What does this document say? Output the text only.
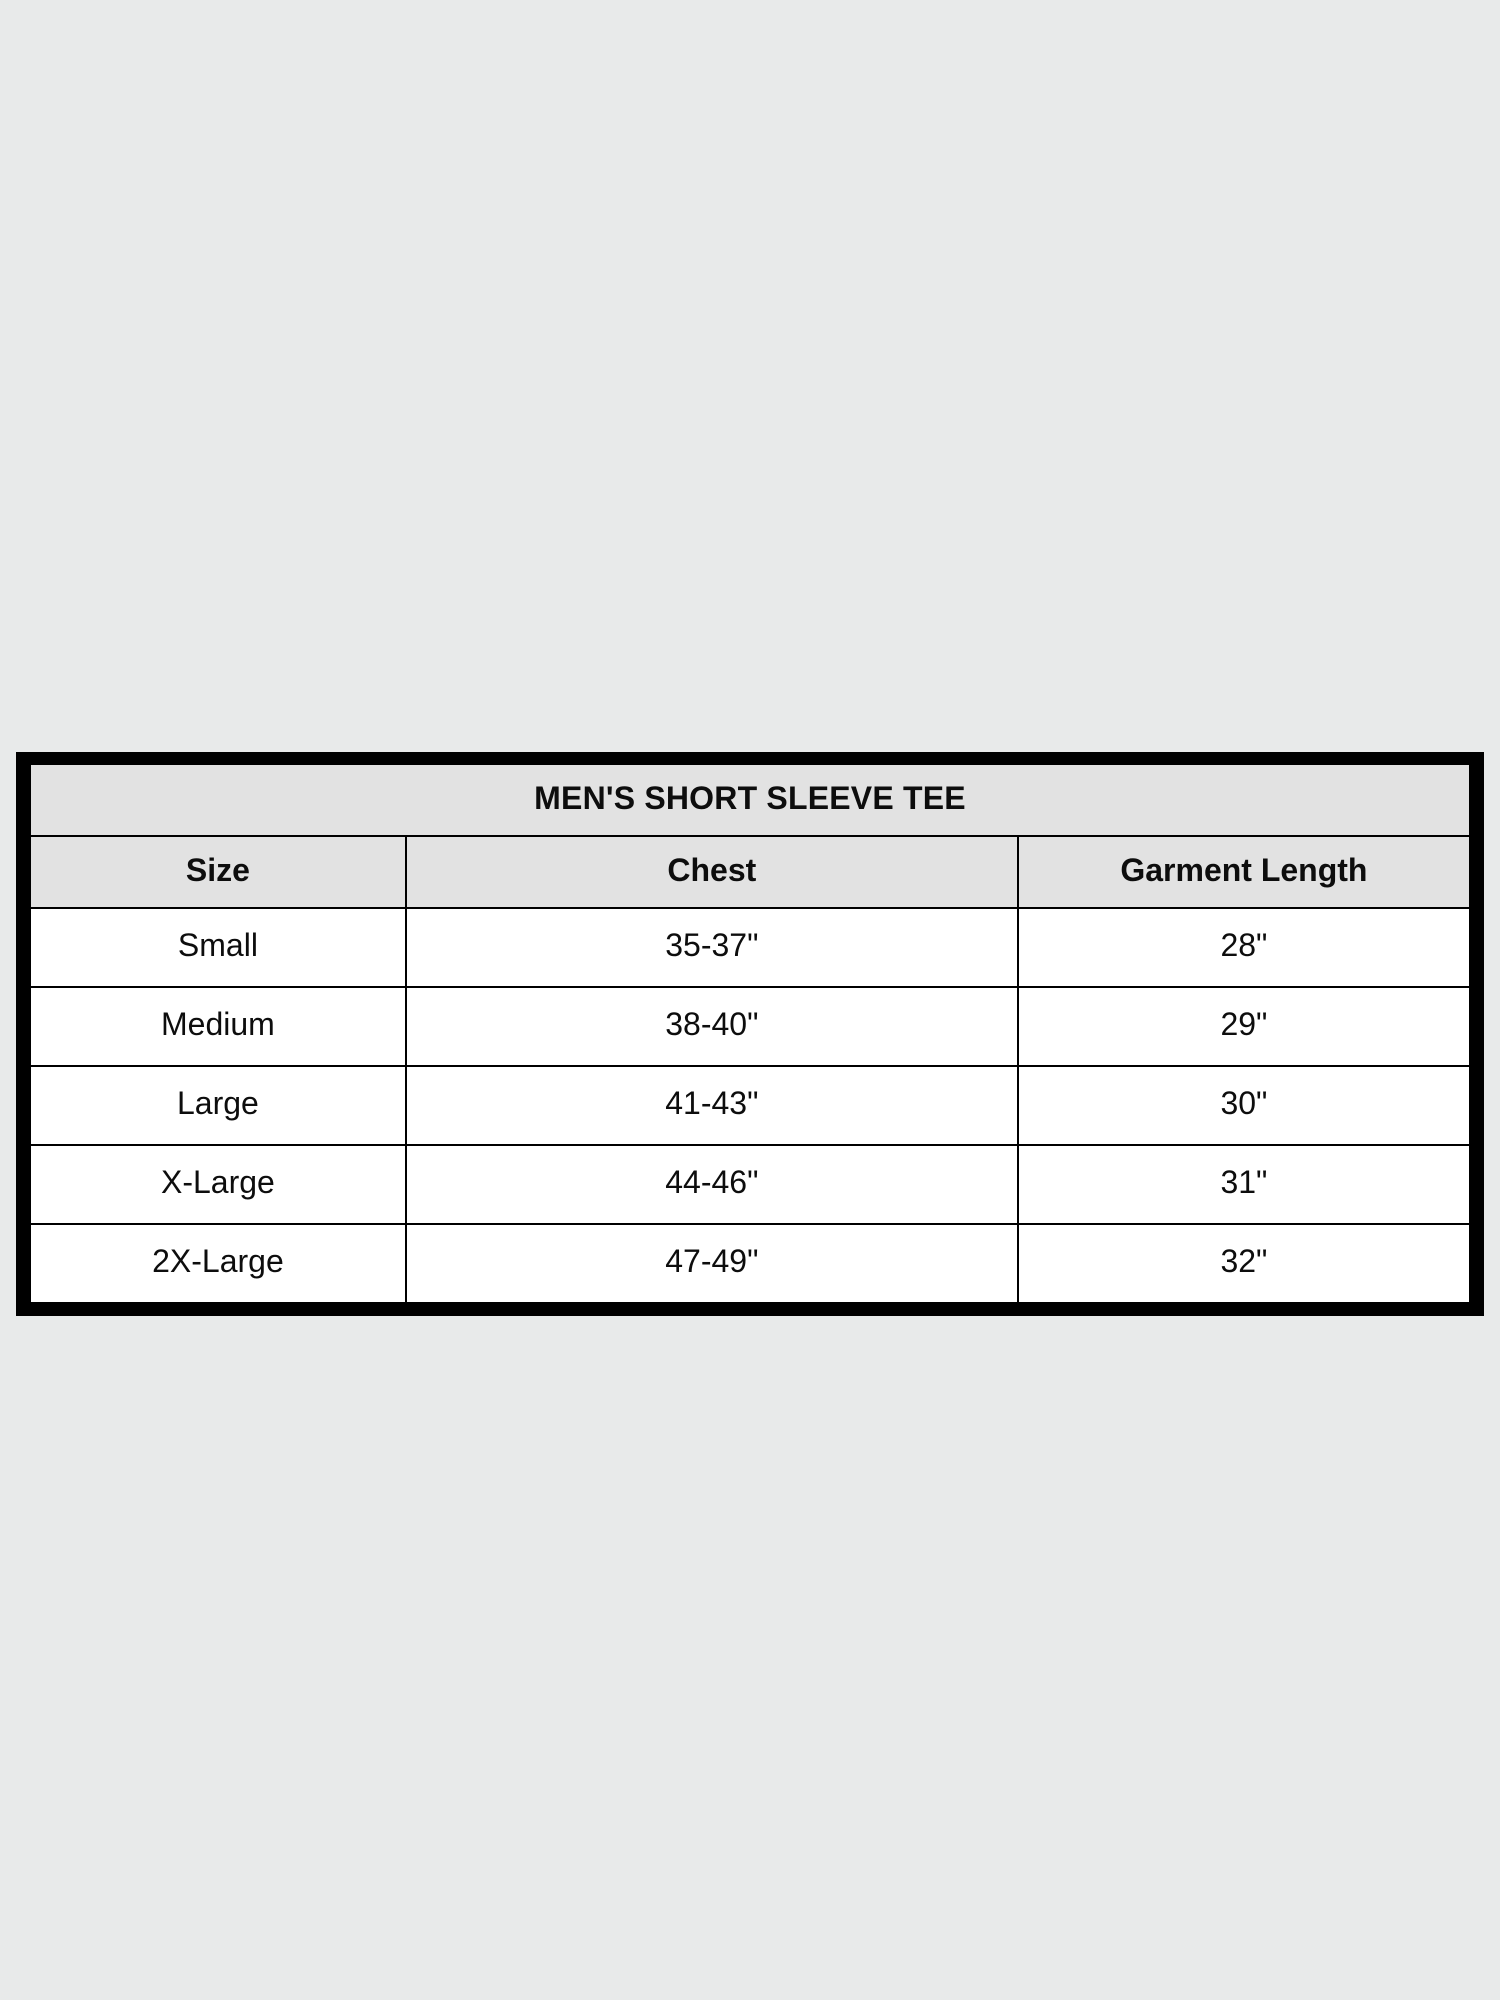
MEN'S SHORT SLEEVE TEE		
Size	Chest	Garment Length
Small	35-37"	28"
Medium	38-40"	29"
Large	41-43"	30"
X-Large	44-46"	31"
2X-Large	47-49"	32"
